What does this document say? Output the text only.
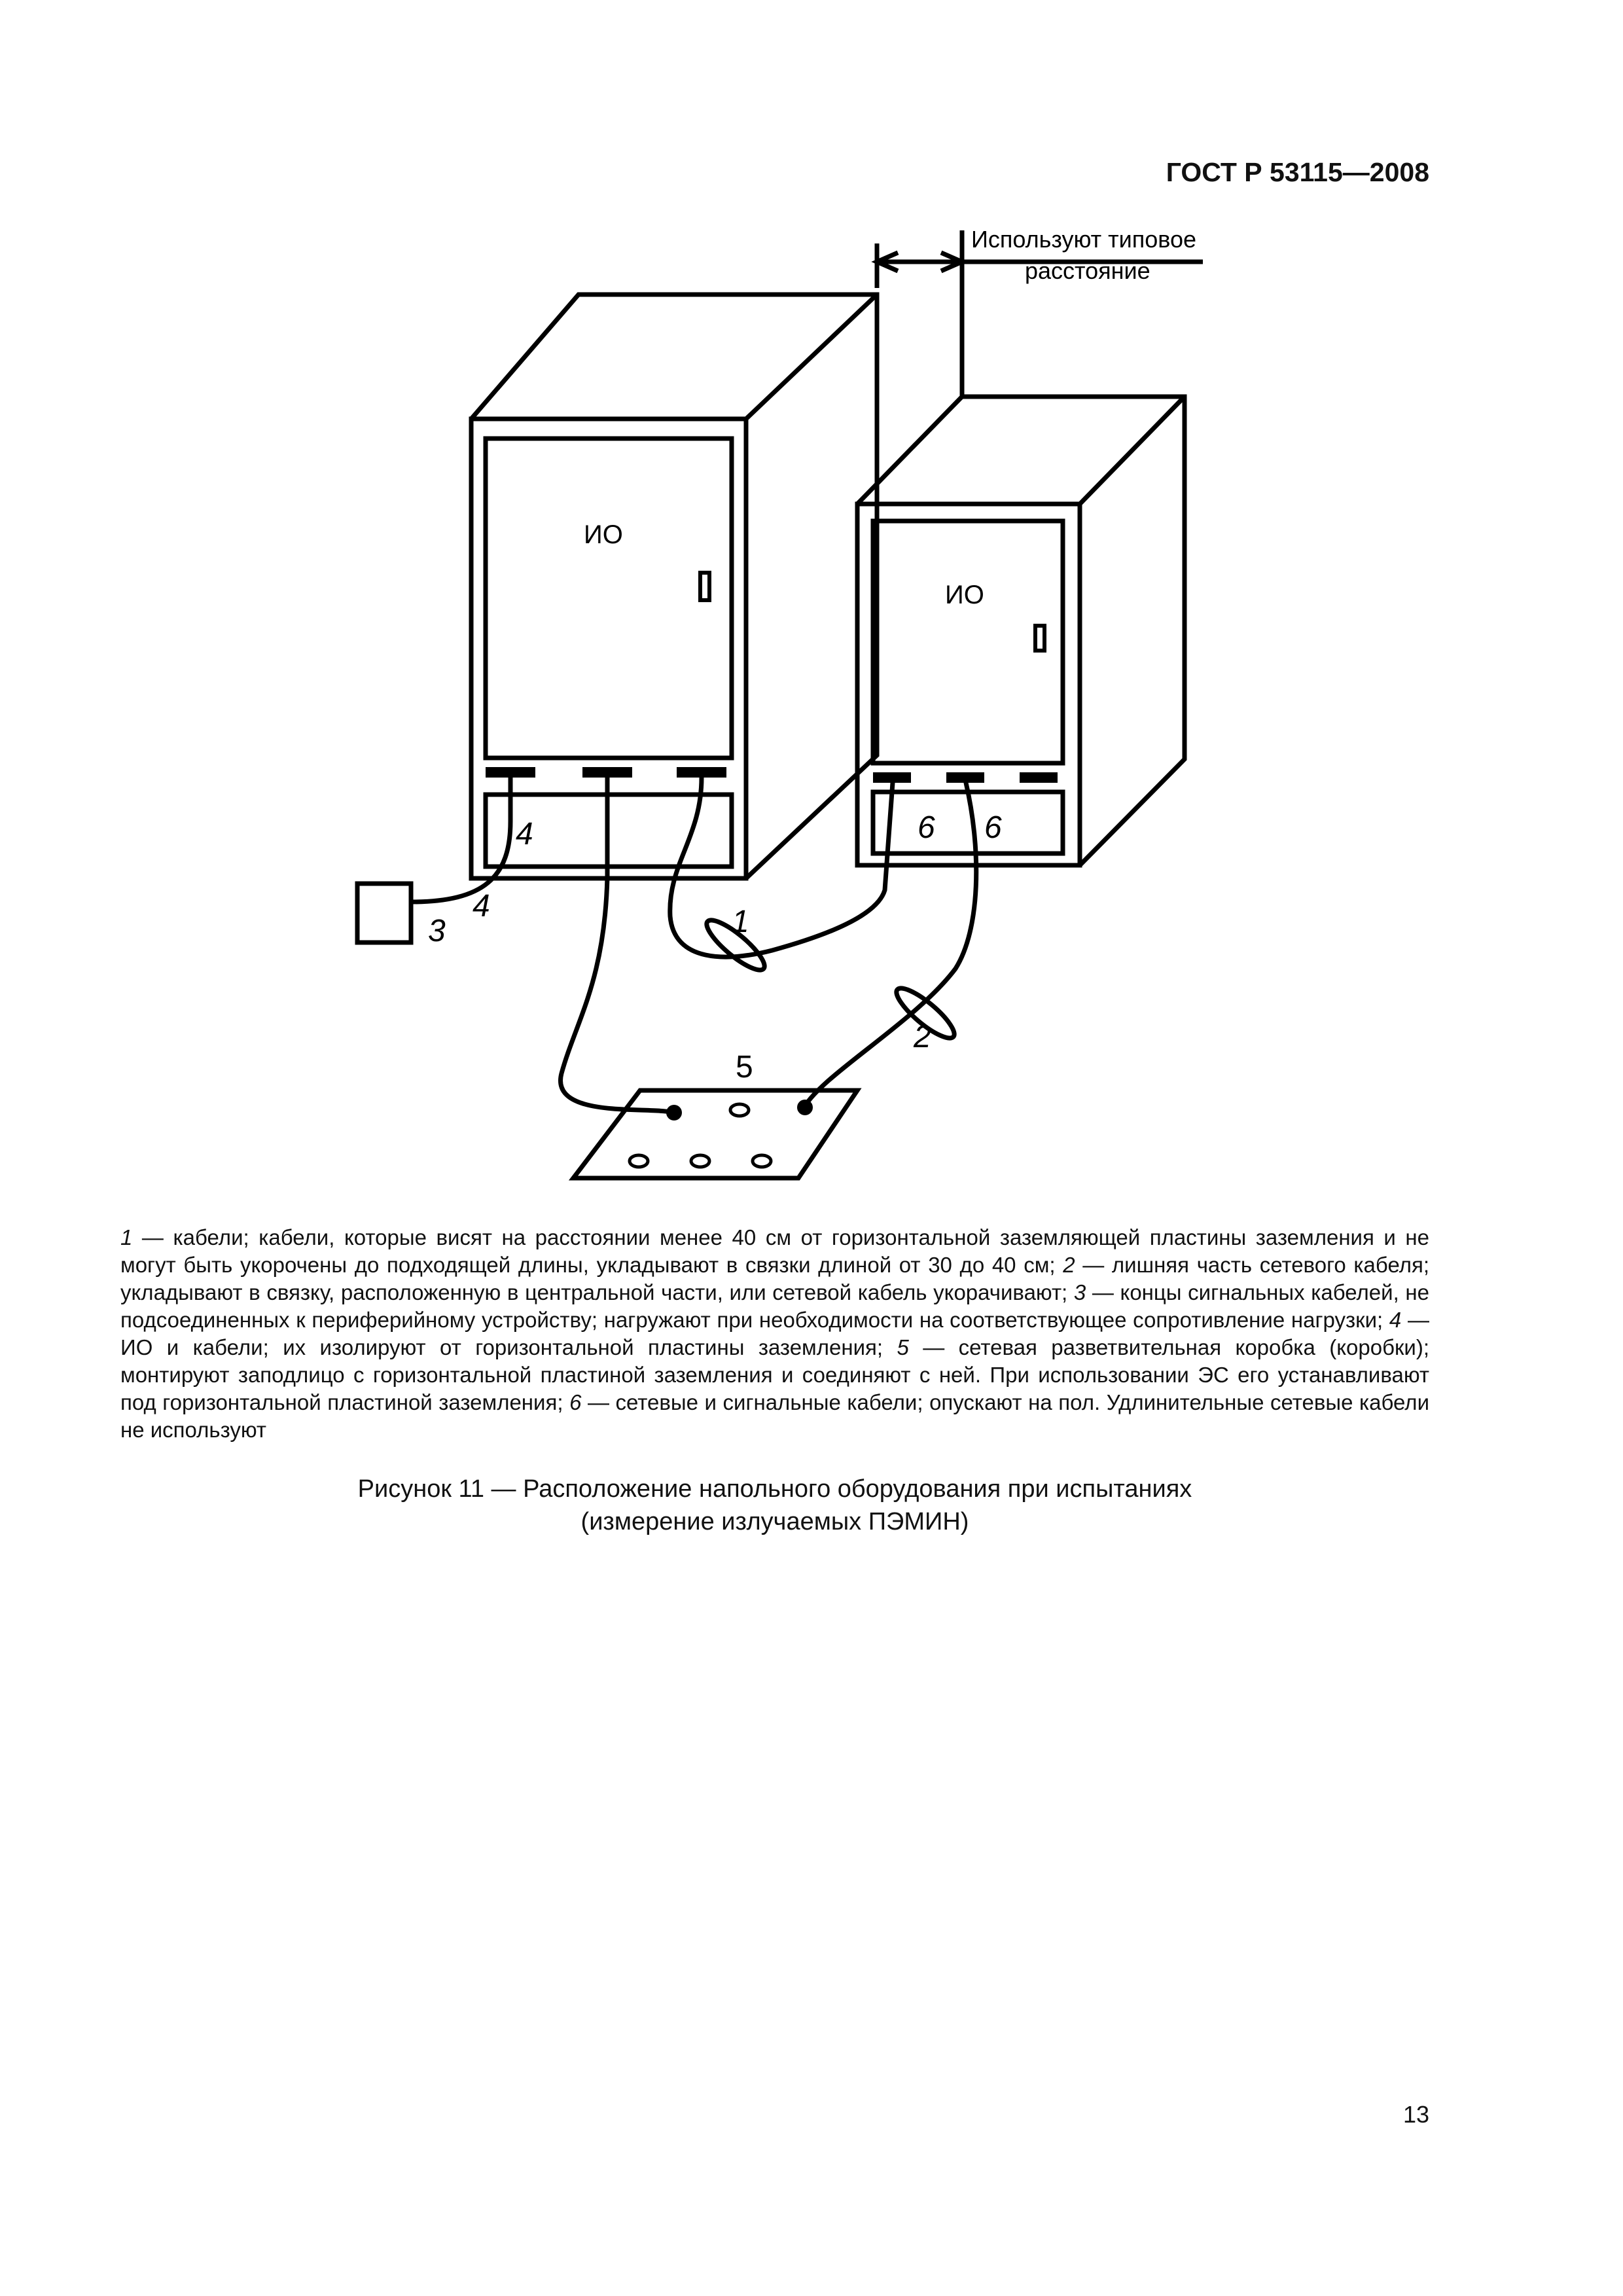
ГОСТ Р 53115—2008
Используют типовое
расстояние
ИО
ИО
1
2
3
4
4
5
6 6
1 — кабели; кабели, которые висят на расстоянии менее 40 см от горизонтальной заземляющей пластины заземления и не могут быть укорочены до подходящей длины, укладывают в связки длиной от 30 до 40 см; 2 — лишняя часть сетевого кабеля; укладывают в связку, расположенную в центральной части, или сетевой кабель укорачивают; 3 — концы сигнальных кабелей, не подсоединенных к периферийному устройству; нагружают при необходимости на соответствующее сопротивление нагрузки; 4 — ИО и кабели; их изолируют от горизонтальной пластины заземления; 5 — сетевая разветвительная коробка (коробки); монтируют заподлицо с горизонтальной пластиной заземления и соединяют с ней. При использовании ЭС его устанавливают под горизонтальной пластиной заземления; 6 — сетевые и сигнальные кабели; опускают на пол. Удлинительные сетевые кабели не используют
Рисунок 11 — Расположение напольного оборудования при испытаниях
(измерение излучаемых ПЭМИН)
13
